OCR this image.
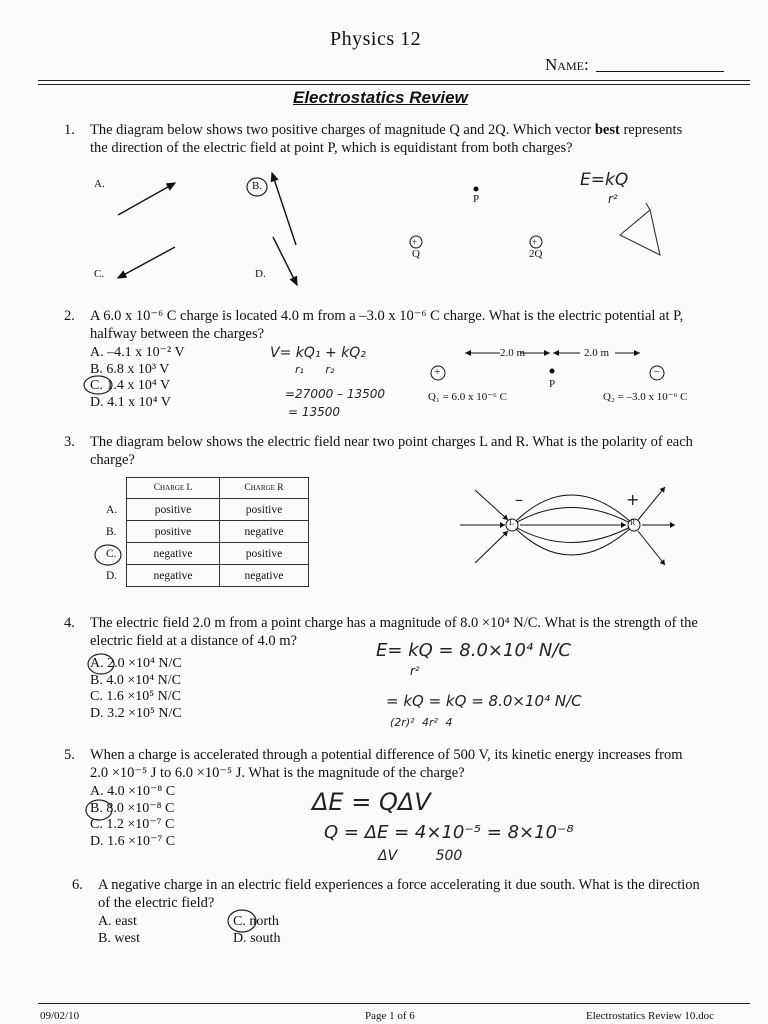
Physics 12
Name:
Electrostatics Review
1. The diagram below shows two positive charges of magnitude Q and 2Q. Which vector best represents
the direction of the electric field at point P, which is equidistant from both charges?
A.	B.
C.	D.
P
+	+
Q	2Q
E=kQ
r²
2. A 6.0 x 10⁻⁶ C charge is located 4.0 m from a –3.0 x 10⁻⁶ C charge. What is the electric potential at P,
halfway between the charges?
A. –4.1 x 10⁻² V
B. 6.8 x 10³ V
C. 1.4 x 10⁴ V
D. 4.1 x 10⁴ V
V= kQ₁ + kQ₂
r₁ r₂
=27000 – 13500
= 13500
2.0 m	2.0 m
+	–
P
Q₁ = 6.0 x 10⁻⁶ C	Q₂ = –3.0 x 10⁻⁶ C
3. The diagram below shows the electric field near two point charges L and R. What is the polarity of each
charge?
	Charge L	Charge R
A.	positive	positive
B.	positive	negative
C.	negative	positive
D.	negative	negative
L	R
–	+
4. The electric field 2.0 m from a point charge has a magnitude of 8.0 ×10⁴ N/C. What is the strength of the
electric field at a distance of 4.0 m?
A. 2.0 ×10⁴ N/C
B. 4.0 ×10⁴ N/C
C. 1.6 ×10⁵ N/C
D. 3.2 ×10⁵ N/C
E= kQ = 8.0×10⁴ N/C
r²
= kQ = kQ = 8.0×10⁴ N/C
(2r)² 4r² 4
5. When a charge is accelerated through a potential difference of 500 V, its kinetic energy increases from
2.0 ×10⁻⁵ J to 6.0 ×10⁻⁵ J. What is the magnitude of the charge?
A. 4.0 ×10⁻⁸ C
B. 8.0 ×10⁻⁸ C
C. 1.2 ×10⁻⁷ C
D. 1.6 ×10⁻⁷ C
ΔE = QΔV
Q = ΔE = 4×10⁻⁵ = 8×10⁻⁸
ΔV 500
6. A negative charge in an electric field experiences a force accelerating it due south. What is the direction
of the electric field?
A. east
B. west
C. north
D. south
09/02/10	Page 1 of 6	Electrostatics Review 10.doc
